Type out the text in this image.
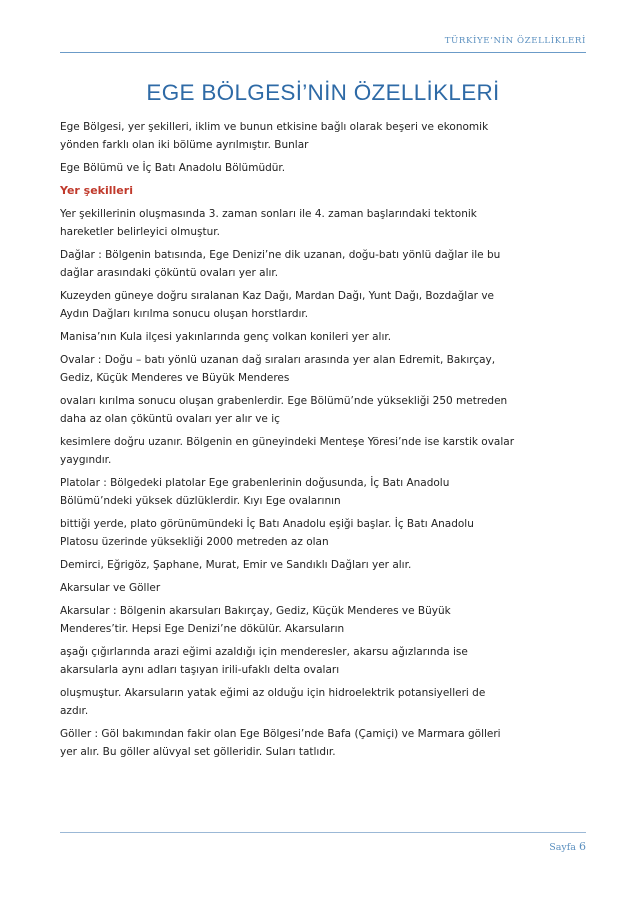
TÜRKİYE’NİN ÖZELLİKLERİ
EGE BÖLGESİ’NİN ÖZELLİKLERİ

Ege Bölgesi, yer şekilleri, iklim ve bunun etkisine bağlı olarak beşeri ve ekonomik
yönden farklı olan iki bölüme ayrılmıştır. Bunlar

Ege Bölümü ve İç Batı Anadolu Bölümüdür.

Yer şekilleri

Yer şekillerinin oluşmasında 3. zaman sonları ile 4. zaman başlarındaki tektonik
hareketler belirleyici olmuştur.

Dağlar : Bölgenin batısında, Ege Denizi’ne dik uzanan, doğu-batı yönlü dağlar ile bu
dağlar arasındaki çöküntü ovaları yer alır.

Kuzeyden güneye doğru sıralanan Kaz Dağı, Mardan Dağı, Yunt Dağı, Bozdağlar ve
Aydın Dağları kırılma sonucu oluşan horstlardır.

Manisa’nın Kula ilçesi yakınlarında genç volkan konileri yer alır.

Ovalar : Doğu – batı yönlü uzanan dağ sıraları arasında yer alan Edremit, Bakırçay,
Gediz, Küçük Menderes ve Büyük Menderes

ovaları kırılma sonucu oluşan grabenlerdir. Ege Bölümü’nde yüksekliği 250 metreden
daha az olan çöküntü ovaları yer alır ve iç

kesimlere doğru uzanır. Bölgenin en güneyindeki Menteşe Yöresi’nde ise karstik ovalar
yaygındır.

Platolar : Bölgedeki platolar Ege grabenlerinin doğusunda, İç Batı Anadolu
Bölümü’ndeki yüksek düzlüklerdir. Kıyı Ege ovalarının

bittiği yerde, plato görünümündeki İç Batı Anadolu eşiği başlar. İç Batı Anadolu
Platosu üzerinde yüksekliği 2000 metreden az olan

Demirci, Eğrigöz, Şaphane, Murat, Emir ve Sandıklı Dağları yer alır.

Akarsular ve Göller

Akarsular : Bölgenin akarsuları Bakırçay, Gediz, Küçük Menderes ve Büyük
Menderes’tir. Hepsi Ege Denizi’ne dökülür. Akarsuların

aşağı çığırlarında arazi eğimi azaldığı için menderesler, akarsu ağızlarında ise
akarsularla aynı adları taşıyan irili-ufaklı delta ovaları

oluşmuştur. Akarsuların yatak eğimi az olduğu için hidroelektrik potansiyelleri de
azdır.

Göller : Göl bakımından fakir olan Ege Bölgesi’nde Bafa (Çamiçi) ve Marmara gölleri
yer alır. Bu göller alüvyal set gölleridir. Suları tatlıdır.

Sayfa 6
